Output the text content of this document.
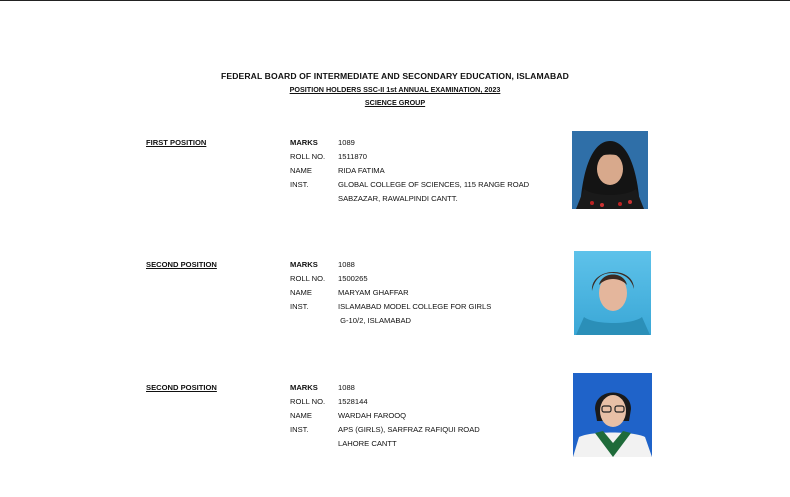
FEDERAL BOARD OF INTERMEDIATE AND SECONDARY EDUCATION, ISLAMABAD
POSITION HOLDERS SSC-II 1st ANNUAL EXAMINATION, 2023
SCIENCE GROUP
FIRST POSITION	MARKS	1089
ROLL NO. 1511870
NAME	RIDA FATIMA
INST.	GLOBAL COLLEGE OF SCIENCES, 115 RANGE ROAD
SABZAZAR, RAWALPINDI CANTT.
SECOND POSITION	MARKS	1088
ROLL NO. 1500265
NAME	MARYAM GHAFFAR
INST.	ISLAMABAD MODEL COLLEGE FOR GIRLS
G-10/2, ISLAMABAD
SECOND POSITION	MARKS	1088
ROLL NO. 1528144
NAME	WARDAH FAROOQ
INST.	APS (GIRLS), SARFRAZ RAFIQUI ROAD
LAHORE CANTT
